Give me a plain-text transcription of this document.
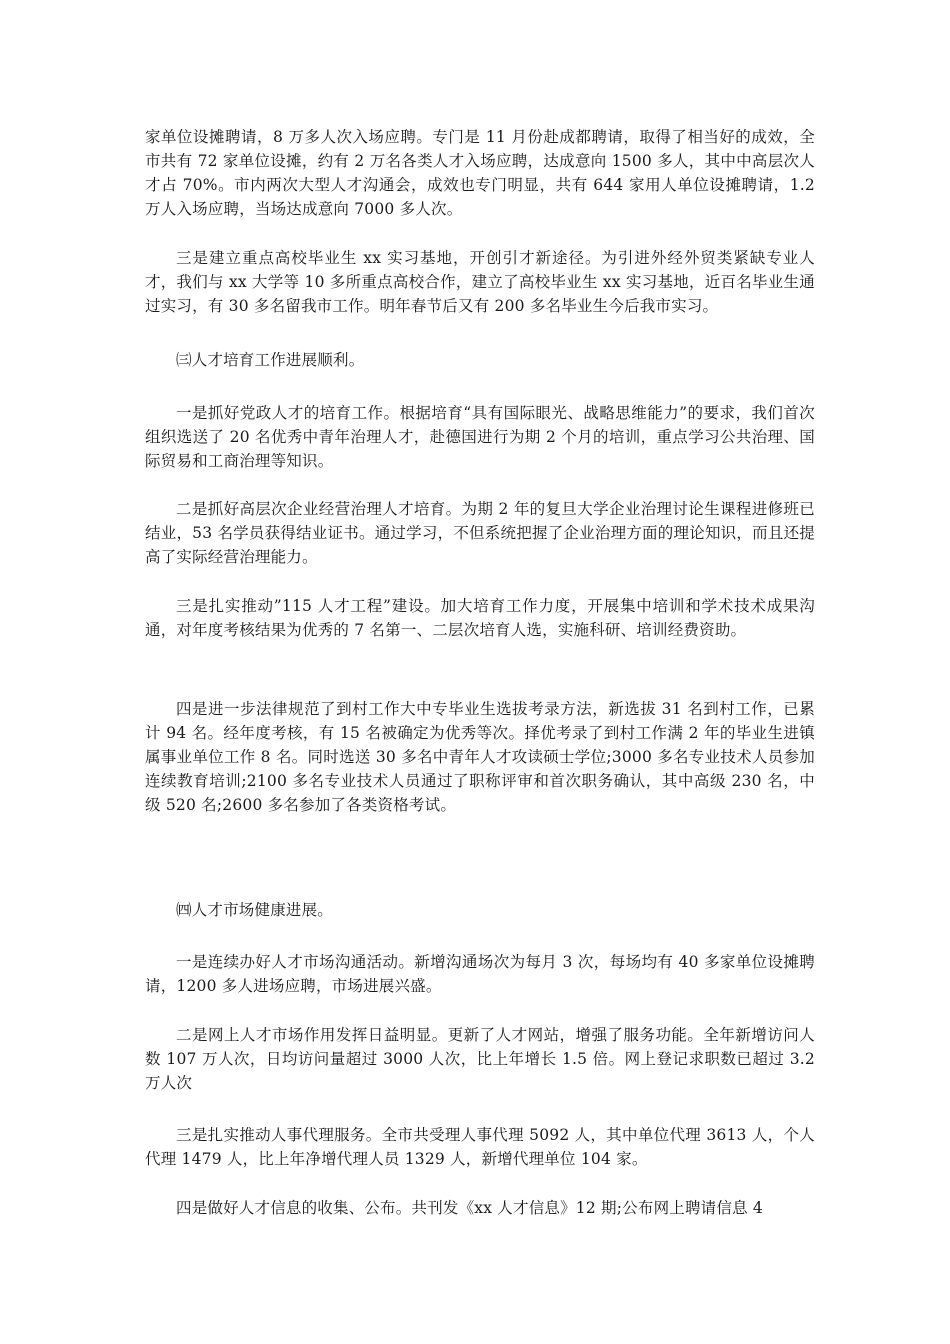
家单位设摊聘请，8 万多人次入场应聘。专门是 11 月份赴成都聘请，取得了相当好的成效，全市共有 72 家单位设摊，约有 2 万名各类人才入场应聘，达成意向 1500 多人，其中中高层次人才占 70%。市内两次大型人才沟通会，成效也专门明显，共有 644 家用人单位设摊聘请，1.2 万人入场应聘，当场达成意向 7000 多人次。

三是建立重点高校毕业生 xx 实习基地，开创引才新途径。为引进外经外贸类紧缺专业人才，我们与 xx 大学等 10 多所重点高校合作，建立了高校毕业生 xx 实习基地，近百名毕业生通过实习，有 30 多名留我市工作。明年春节后又有 200 多名毕业生今后我市实习。

㈢人才培育工作进展顺利。

一是抓好党政人才的培育工作。根据培育“具有国际眼光、战略思维能力”的要求，我们首次组织选送了 20 名优秀中青年治理人才，赴德国进行为期 2 个月的培训，重点学习公共治理、国际贸易和工商治理等知识。

二是抓好高层次企业经营治理人才培育。为期 2 年的复旦大学企业治理讨论生课程进修班已结业，53 名学员获得结业证书。通过学习，不但系统把握了企业治理方面的理论知识，而且还提高了实际经营治理能力。

三是扎实推动”115 人才工程”建设。加大培育工作力度，开展集中培训和学术技术成果沟通，对年度考核结果为优秀的 7 名第一、二层次培育人选，实施科研、培训经费资助。

四是进一步法律规范了到村工作大中专毕业生选拔考录方法，新选拔 31 名到村工作，已累计 94 名。经年度考核，有 15 名被确定为优秀等次。择优考录了到村工作满 2 年的毕业生进镇属事业单位工作 8 名。同时选送 30 多名中青年人才攻读硕士学位;3000 多名专业技术人员参加连续教育培训;2100 多名专业技术人员通过了职称评审和首次职务确认，其中高级 230 名，中级 520 名;2600 多名参加了各类资格考试。

㈣人才市场健康进展。

一是连续办好人才市场沟通活动。新增沟通场次为每月 3 次，每场均有 40 多家单位设摊聘请，1200 多人进场应聘，市场进展兴盛。

二是网上人才市场作用发挥日益明显。更新了人才网站，增强了服务功能。全年新增访问人数 107 万人次，日均访问量超过 3000 人次，比上年增长 1.5 倍。网上登记求职数已超过 3.2 万人次

三是扎实推动人事代理服务。全市共受理人事代理 5092 人，其中单位代理 3613 人，个人代理 1479 人，比上年净增代理人员 1329 人，新增代理单位 104 家。

四是做好人才信息的收集、公布。共刊发《xx 人才信息》12 期;公布网上聘请信息 4
